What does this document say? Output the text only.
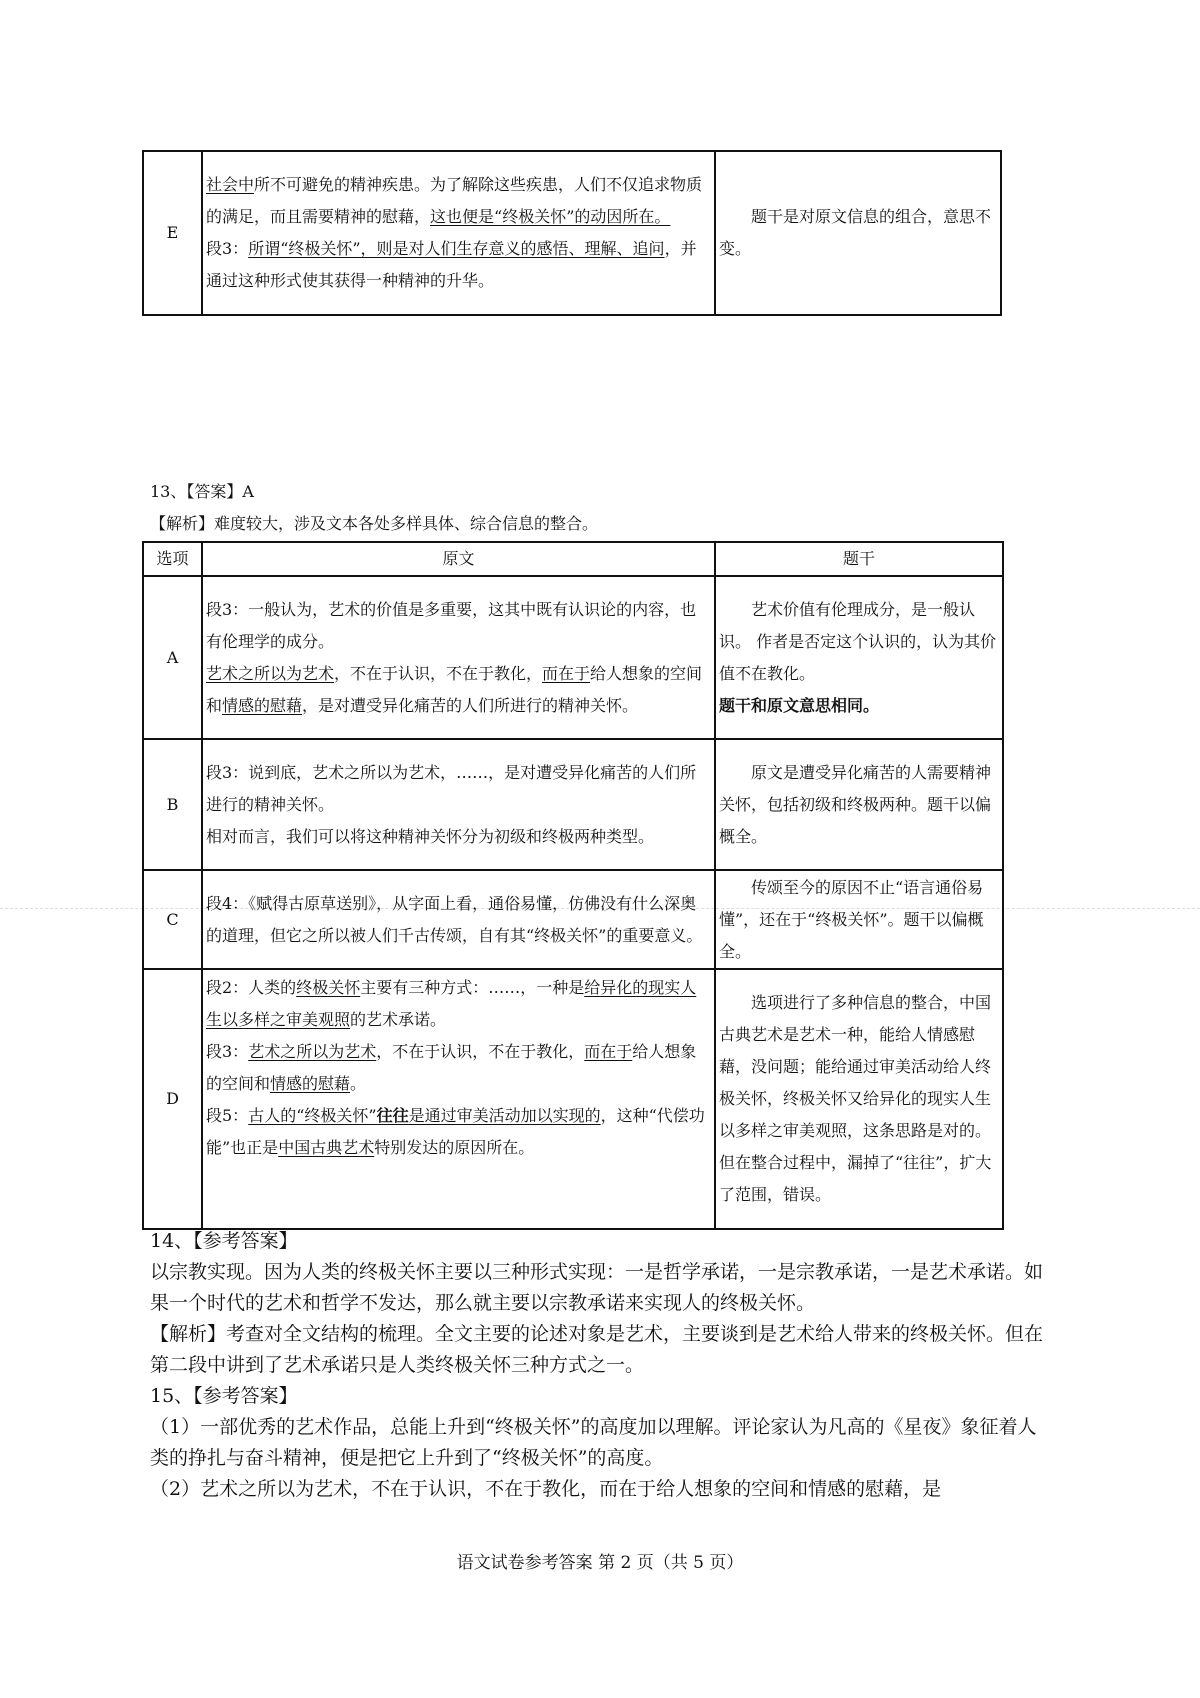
E	社会中所不可避免的精神疾患。为了解除这些疾患，人们不仅追求物质的满足，而且需要精神的慰藉，这也便是“终极关怀”的动因所在。
段3：所谓“终极关怀”，则是对人们生存意义的感悟、理解、追问，并通过这种形式使其获得一种精神的升华。	题干是对原文信息的组合，意思不变。
13、【答案】A
【解析】难度较大，涉及文本各处多样具体、综合信息的整合。
选项	原文	题干
A	段3：一般认为，艺术的价值是多重要，这其中既有认识论的内容，也有伦理学的成分。
艺术之所以为艺术，不在于认识，不在于教化，而在于给人想象的空间和情感的慰藉，是对遭受异化痛苦的人们所进行的精神关怀。	艺术价值有伦理成分，是一般认识。 作者是否定这个认识的，认为其价值不在教化。
题干和原文意思相同。
B	段3：说到底，艺术之所以为艺术，……，是对遭受异化痛苦的人们所进行的精神关怀。
相对而言，我们可以将这种精神关怀分为初级和终极两种类型。	原文是遭受异化痛苦的人需要精神关怀，包括初级和终极两种。题干以偏概全。
C	段4：《赋得古原草送别》，从字面上看，通俗易懂，仿佛没有什么深奥的道理，但它之所以被人们千古传颂，自有其“终极关怀”的重要意义。	传颂至今的原因不止“语言通俗易懂”，还在于“终极关怀”。题干以偏概全。
D	段2：人类的终极关怀主要有三种方式：……，一种是给异化的现实人生以多样之审美观照的艺术承诺。
段3：艺术之所以为艺术，不在于认识，不在于教化，而在于给人想象的空间和情感的慰藉。
段5：古人的“终极关怀”往往是通过审美活动加以实现的，这种“代偿功能”也正是中国古典艺术特别发达的原因所在。	选项进行了多种信息的整合，中国古典艺术是艺术一种，能给人情感慰藉，没问题；能给通过审美活动给人终极关怀，终极关怀又给异化的现实人生以多样之审美观照，这条思路是对的。但在整合过程中，漏掉了“往往”，扩大了范围，错误。
14、【参考答案】
以宗教实现。因为人类的终极关怀主要以三种形式实现：一是哲学承诺，一是宗教承诺，一是艺术承诺。如果一个时代的艺术和哲学不发达，那么就主要以宗教承诺来实现人的终极关怀。
【解析】考查对全文结构的梳理。全文主要的论述对象是艺术，主要谈到是艺术给人带来的终极关怀。但在第二段中讲到了艺术承诺只是人类终极关怀三种方式之一。
15、【参考答案】
（1）一部优秀的艺术作品，总能上升到“终极关怀”的高度加以理解。评论家认为凡高的《星夜》象征着人类的挣扎与奋斗精神，便是把它上升到了“终极关怀”的高度。
（2）艺术之所以为艺术，不在于认识，不在于教化，而在于给人想象的空间和情感的慰藉，是
语文试卷参考答案 第 2 页（共 5 页）
